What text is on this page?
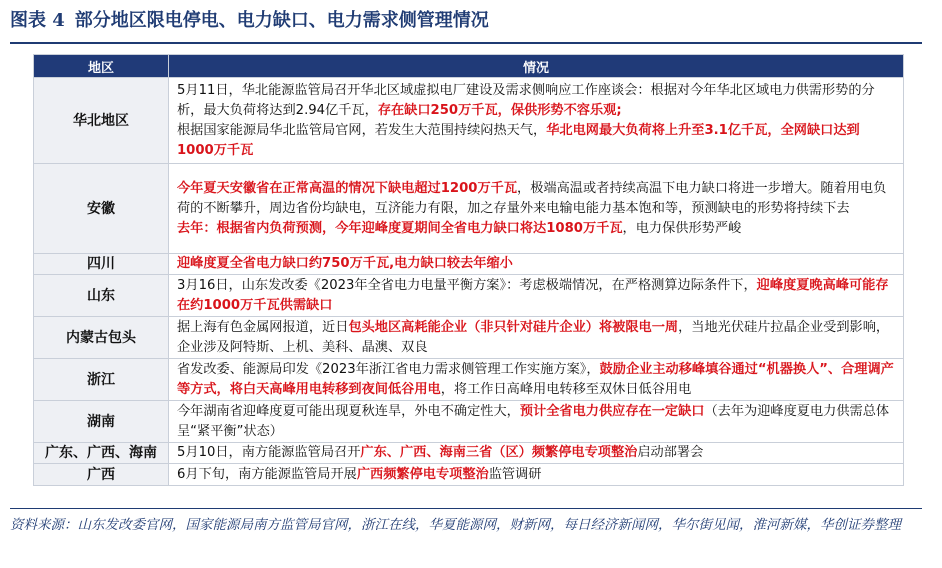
图表 4 部分地区限电停电、电力缺口、电力需求侧管理情况
地区	情况
华北地区	5月11日，华北能源监管局召开华北区域虚拟电厂建设及需求侧响应工作座谈会：根据对今年华北区域电力供需形势的分析，最大负荷将达到2.94亿千瓦，存在缺口250万千瓦，保供形势不容乐观;
根据国家能源局华北监管局官网，若发生大范围持续闷热天气，华北电网最大负荷将上升至3.1亿千瓦，全网缺口达到1000万千瓦
安徽	今年夏天安徽省在正常高温的情况下缺电超过1200万千瓦，极端高温或者持续高温下电力缺口将进一步增大。随着用电负荷的不断攀升，周边省份均缺电，互济能力有限，加之存量外来电输电能力基本饱和等，预测缺电的形势将持续下去
去年：根据省内负荷预测，今年迎峰度夏期间全省电力缺口将达1080万千瓦，电力保供形势严峻
四川	迎峰度夏全省电力缺口约750万千瓦,电力缺口较去年缩小
山东	3月16日，山东发改委《2023年全省电力电量平衡方案》：考虑极端情况，在严格测算边际条件下，迎峰度夏晚高峰可能存在约1000万千瓦供需缺口
内蒙古包头	据上海有色金属网报道，近日包头地区高耗能企业（非只针对硅片企业）将被限电一周，当地光伏硅片拉晶企业受到影响，企业涉及阿特斯、上机、美科、晶澳、双良
浙江	省发改委、能源局印发《2023年浙江省电力需求侧管理工作实施方案》，鼓励企业主动移峰填谷通过“机器换人”、合理调产等方式，将白天高峰用电转移到夜间低谷用电，将工作日高峰用电转移至双休日低谷用电
湖南	今年湖南省迎峰度夏可能出现夏秋连旱，外电不确定性大，预计全省电力供应存在一定缺口（去年为迎峰度夏电力供需总体呈“紧平衡”状态）
广东、广西、海南	5月10日，南方能源监管局召开广东、广西、海南三省（区）频繁停电专项整治启动部署会
广西	6月下旬，南方能源监管局开展广西频繁停电专项整治监管调研
资料来源：山东发改委官网，国家能源局南方监管局官网，浙江在线，华夏能源网，财新网，每日经济新闻网，华尔街见闻，淮河新媒，华创证券整理
